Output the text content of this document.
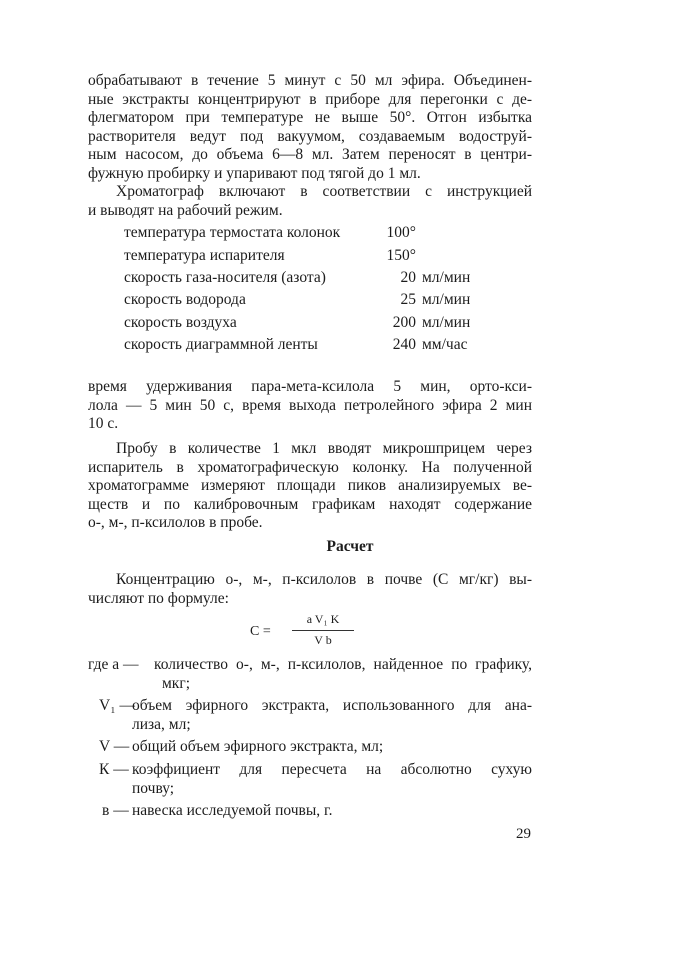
обрабатывают в течение 5 минут с 50 мл эфира. Объединен-
ные экстракты концентрируют в приборе для перегонки с де-
флегматором при температуре не выше 50°. Отгон избытка
растворителя ведут под вакуумом, создаваемым водоструй-
ным насосом, до объема 6—8 мл. Затем переносят в центри-
фужную пробирку и упаривают под тягой до 1 мл.
Хроматограф включают в соответствии с инструкцией
и выводят на рабочий режим.
температура термостата колонок	100°	
температура испарителя	150°	
скорость газа-носителя (азота)	20	мл/мин
скорость водорода	25	мл/мин
скорость воздуха	200	мл/мин
скорость диаграммной ленты	240	мм/час
время удерживания пара-мета-ксилола 5 мин, орто-кси-
лола — 5 мин 50 с, время выхода петролейного эфира 2 мин
10 с.
Пробу в количестве 1 мкл вводят микрошприцем через
испаритель в хроматографическую колонку. На полученной
хроматограмме измеряют площади пиков анализируемых ве-
ществ и по калибровочным графикам находят содержание
о-, м-, п-ксилолов в пробе.
Расчет
Концентрацию о-, м-, п-ксилолов в почве (С мг/кг) вы-
числяют по формуле:
С =
a V₁ K
V b
где а — количество о-, м-, п-ксилолов, найденное по графику,
мкг;
V₁ —
объем эфирного экстракта, использованного для ана-
лиза, мл;
V — общий объем эфирного экстракта, мл;
К — коэффициент для пересчета на абсолютно сухую
почву;
в — навеска исследуемой почвы, г.
29
